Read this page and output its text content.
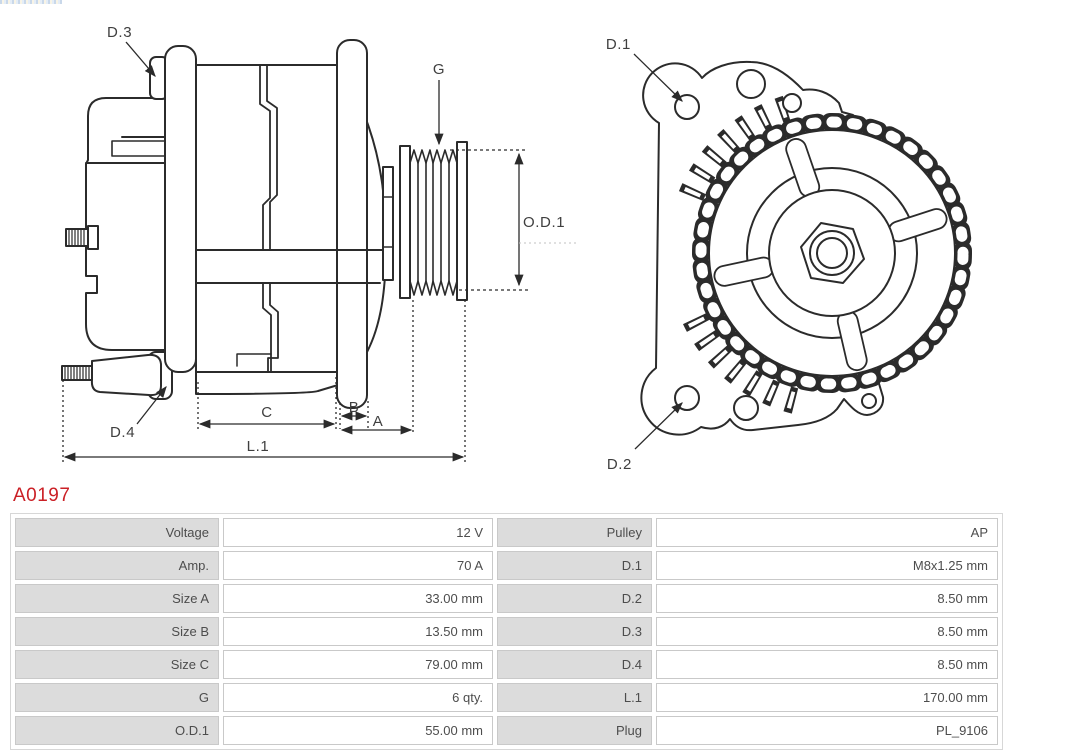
D.3
D.4
G
O.D.1
C	B
A
L.1
D.1
D.2
A0197
Voltage	12 V	Pulley	AP
Amp.	70 A	D.1	M8x1.25 mm
Size A	33.00 mm	D.2	8.50 mm
Size B	13.50 mm	D.3	8.50 mm
Size C	79.00 mm	D.4	8.50 mm
G	6 qty.	L.1	170.00 mm
O.D.1	55.00 mm	Plug	PL_9106
